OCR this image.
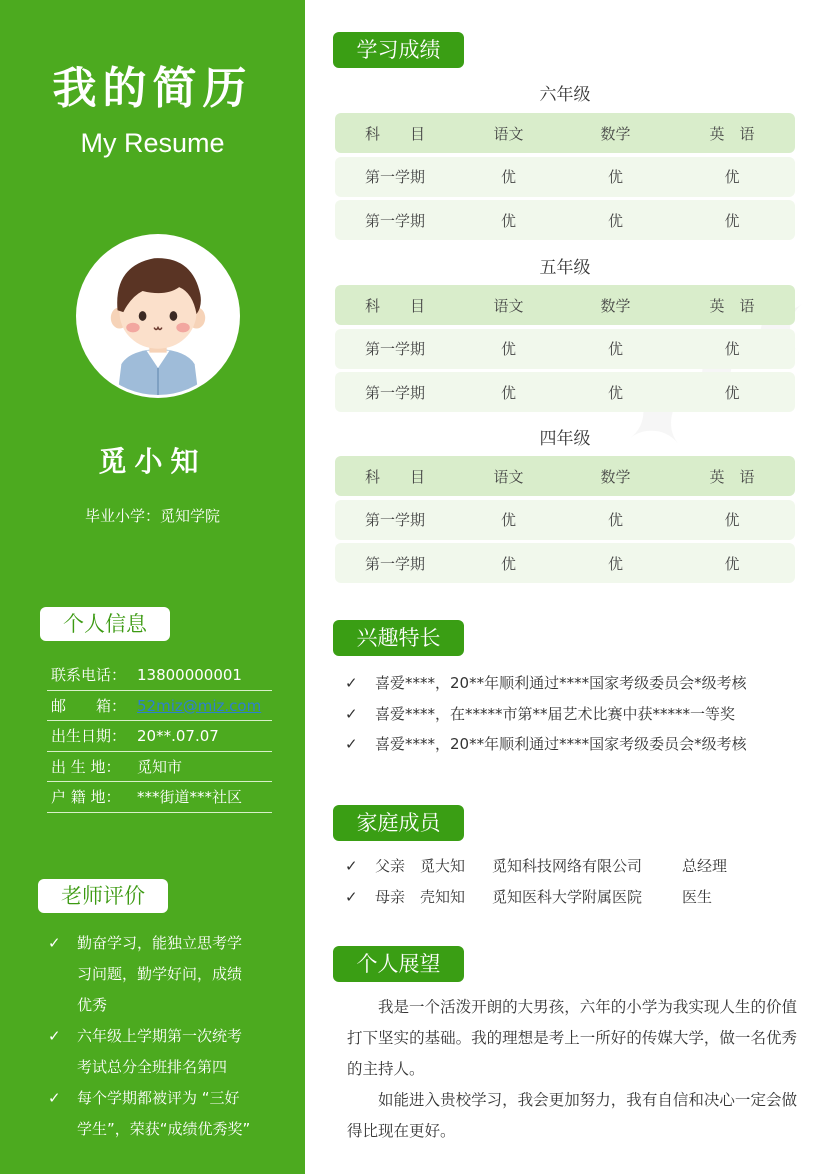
我的简历
My Resume
觅小知
毕业小学：觅知学院
个人信息
联系电话： 13800000001
邮　　箱： 52miz@miz.com
出生日期： 20**.07.07
出 生 地：	觅知市
户 籍 地：	***街道***社区
老师评价
✓	勤奋学习，能独立思考学
习问题，勤学好问，成绩
优秀
✓	六年级上学期第一次统考
考试总分全班排名第四
✓	每个学期都被评为 “三好
学生”，荣获“成绩优秀奖”
学习成绩
六年级
科　　目	语文	数学	英　语
第一学期	优	优	优
第一学期	优	优	优
五年级
科　　目	语文	数学	英　语
第一学期	优	优	优
第一学期	优	优	优
四年级
科　　目	语文	数学	英　语
第一学期	优	优	优
第一学期	优	优	优
兴趣特长
✓	喜爱****，20**年顺利通过****国家考级委员会*级考核
✓	喜爱****，在*****市第**届艺术比赛中获*****一等奖
✓	喜爱****，20**年顺利通过****国家考级委员会*级考核
家庭成员
✓	父亲 觅大知	觅知科技网络有限公司	总经理
✓	母亲 壳知知	觅知医科大学附属医院	医生
个人展望

我是一个活泼开朗的大男孩，六年的小学为我实现人生的价值打下坚实的基础。我的理想是考上一所好的传媒大学，做一名优秀的主持人。

如能进入贵校学习，我会更加努力，我有自信和决心一定会做得比现在更好。
